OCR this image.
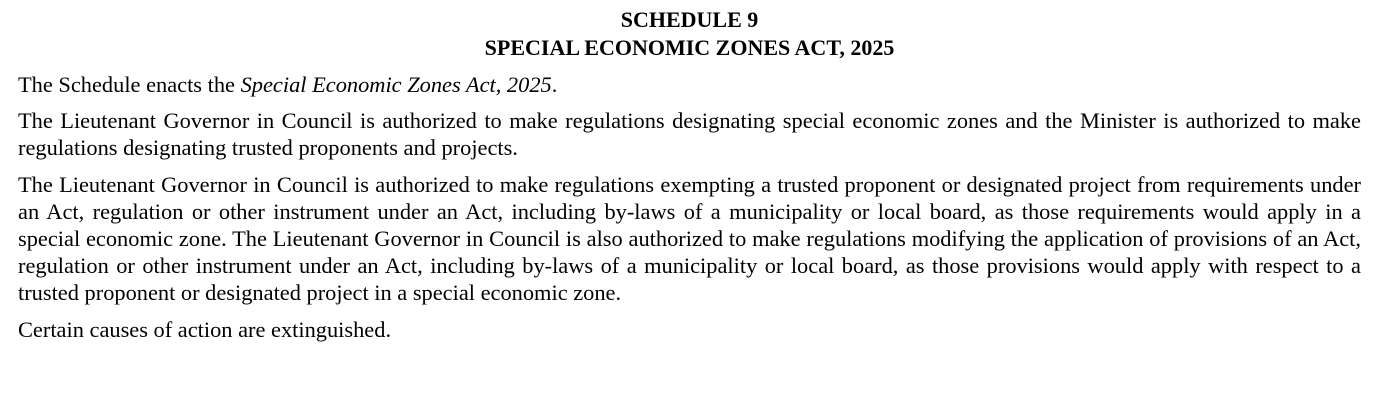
SCHEDULE 9
SPECIAL ECONOMIC ZONES ACT, 2025

The Schedule enacts the Special Economic Zones Act, 2025.

The Lieutenant Governor in Council is authorized to make regulations designating special economic zones and the Minister is authorized to make regulations designating trusted proponents and projects.

The Lieutenant Governor in Council is authorized to make regulations exempting a trusted proponent or designated project from requirements under an Act, regulation or other instrument under an Act, including by-laws of a municipality or local board, as those requirements would apply in a special economic zone. The Lieutenant Governor in Council is also authorized to make regulations modifying the application of provisions of an Act, regulation or other instrument under an Act, including by-laws of a municipality or local board, as those provisions would apply with respect to a trusted proponent or designated project in a special economic zone.

Certain causes of action are extinguished.
